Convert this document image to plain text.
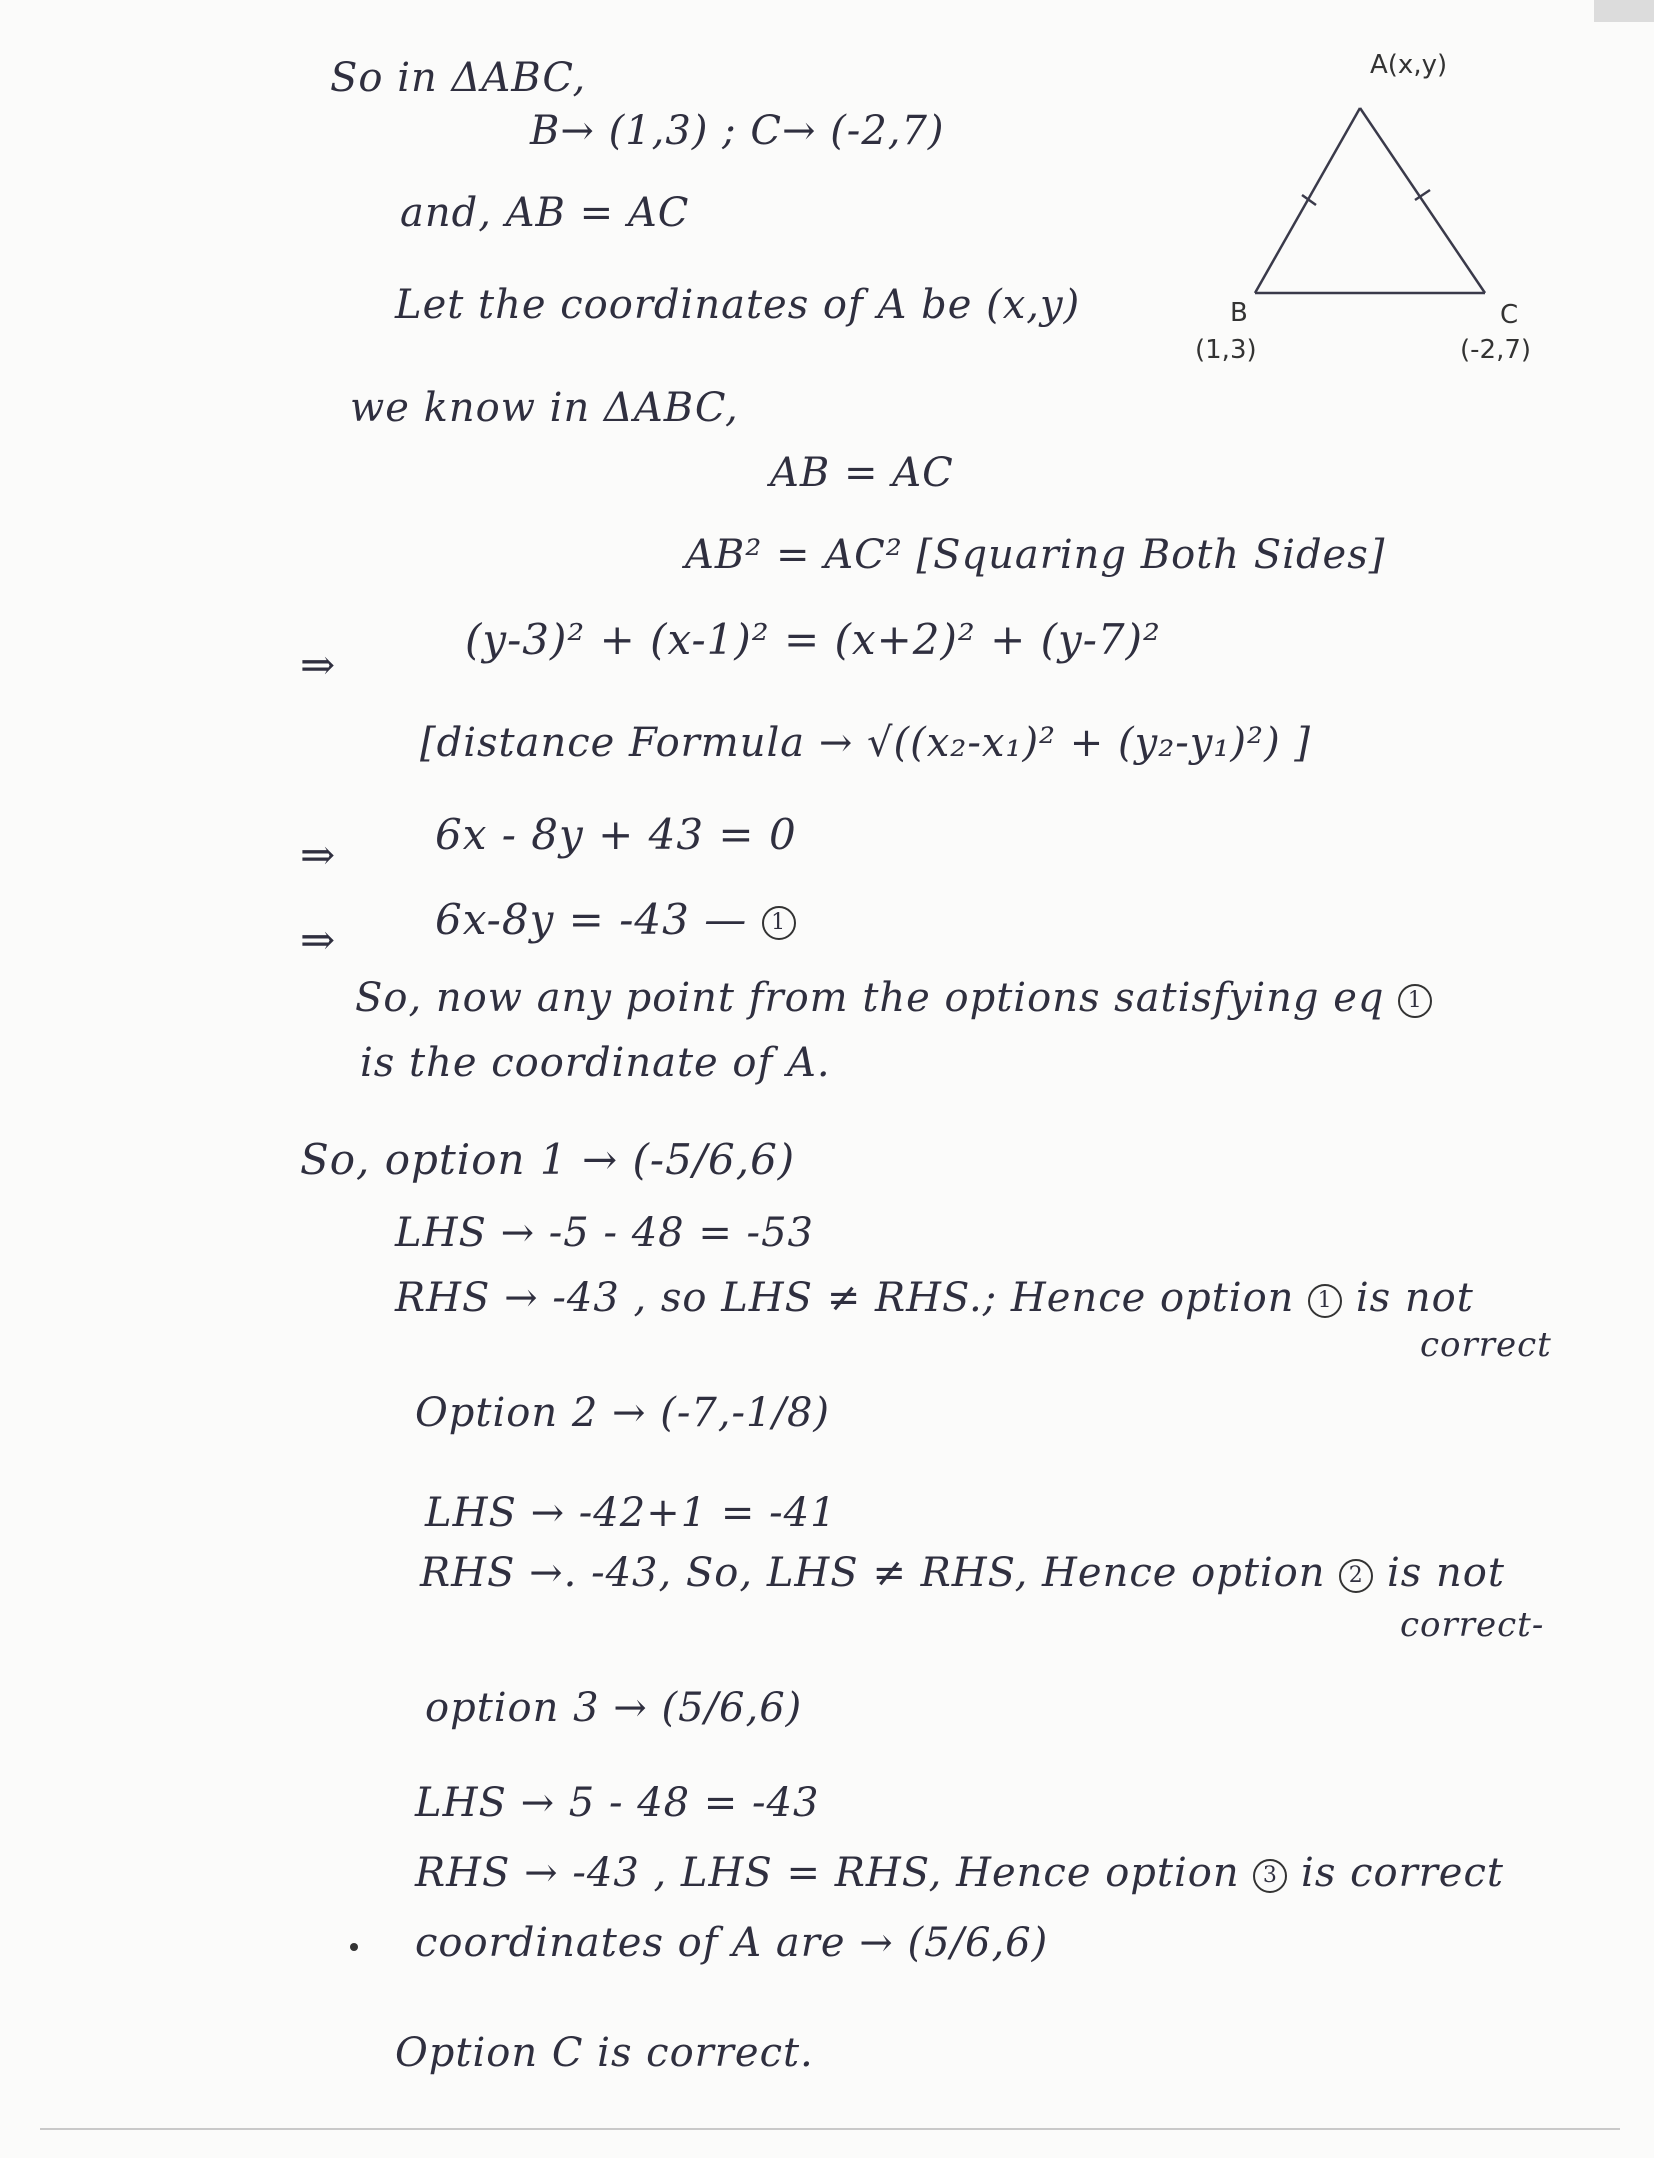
So in ΔABC,
B→ (1,3) ; C→ (-2,7)
and, AB = AC
Let the coordinates of A be (x,y)
A(x,y)
B
(1,3)
C
(-2,7)
we know in ΔABC,
AB = AC
AB² = AC² [Squaring Both Sides]
⇒
(y-3)² + (x-1)² = (x+2)² + (y-7)²
[distance Formula → √((x₂-x₁)² + (y₂-y₁)²) ]
⇒ 6x - 8y + 43 = 0
⇒ 6x-8y = -43 — 1
So, now any point from the options satisfying eq 1
is the coordinate of A.
So, option 1 → (-5/6,6)
LHS → -5 - 48 = -53
RHS → -43 , so LHS ≠ RHS.; Hence option 1 is not
correct
Option 2 → (-7,-1/8)
LHS → -42+1 = -41
RHS →. -43, So, LHS ≠ RHS, Hence option 2 is not
correct-
option 3 → (5/6,6)
LHS → 5 - 48 = -43
RHS → -43 , LHS = RHS, Hence option 3 is correct
coordinates of A are → (5/6,6)
Option C is correct.
